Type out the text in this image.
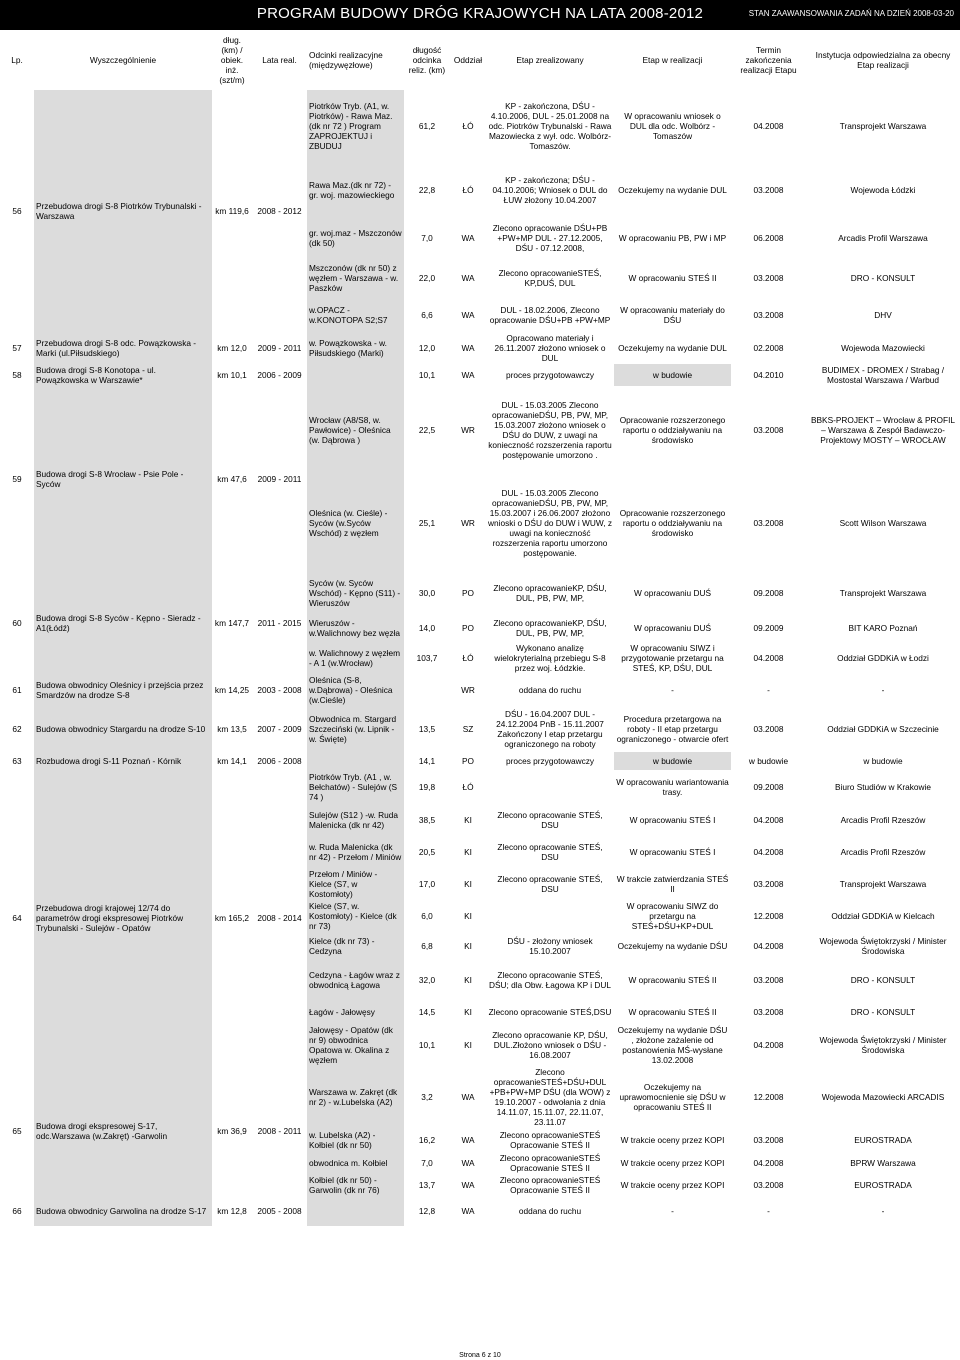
PROGRAM BUDOWY DRÓG KRAJOWYCH NA LATA 2008-2012	STAN ZAAWANSOWANIA ZADAŃ NA DZIEŃ 2008-03-20
Lp.	Wyszczególnienie	dług. (km) / obiek. inż. (szt/m)	Lata real.	Odcinki realizacyjne (międzywęzłowe)	długość odcinka reliz. (km)	Oddział	Etap zrealizowany	Etap w realizacji	Termin zakończenia realizacji Etapu	Instytucja odpowiedzialna za obecny Etap realizacji
56	Przebudowa drogi S-8 Piotrków Trybunalski - Warszawa	km 119,6	2008 - 2012	Piotrków Tryb. (A1, w. Piotrków) - Rawa Maz. (dk nr 72 ) Program ZAPROJEKTUJ i ZBUDUJ	61,2	ŁÓ	KP - zakończona, DŚU - 4.10.2006, DUL - 25.01.2008 na odc. Piotrków Trybunalski - Rawa Mazowiecka z wył. odc. Wolbórz-Tomaszów.	W opracowaniu wniosek o DUL dla odc. Wolbórz - Tomaszów	04.2008	Transprojekt Warszawa
				Rawa Maz.(dk nr 72) - gr. woj. mazowieckiego	22,8	ŁÓ	KP - zakończona; DŚU - 04.10.2006; Wniosek o DUL do ŁUW złożony 10.04.2007	Oczekujemy na wydanie DUL	03.2008	Wojewoda Łódzki
				gr. woj.maz - Mszczonów (dk 50)	7,0	WA	Zlecono opracowanie DŚU+PB +PW+MP DUL - 27.12.2005, DŚU - 07.12.2008,	W opracowaniu PB, PW i MP	06.2008	Arcadis Profil Warszawa
				Mszczonów (dk nr 50) z węzłem - Warszawa - w. Paszków	22,0	WA	Zlecono opracowanieSTEŚ, KP,DUŚ, DUL	W opracowaniu STEŚ II	03.2008	DRO - KONSULT
				w.OPACZ - w.KONOTOPA S2;S7	6,6	WA	DUL - 18.02.2006, Zlecono opracowanie DŚU+PB +PW+MP	W opracowaniu materiały do DŚU	03.2008	DHV
57	Przebudowa drogi S-8 odc. Powązkowska - Marki (ul.Piłsudskiego)	km 12,0	2009 - 2011	w. Powązkowska - w. Piłsudskiego (Marki)	12,0	WA	Opracowano materiały i 26.11.2007 złożono wniosek o DUL	Oczekujemy na wydanie DUL	02.2008	Wojewoda Mazowiecki
58	Budowa drogi S-8 Konotopa - ul. Powązkowska w Warszawie*	km 10,1	2006 - 2009		10,1	WA	proces przygotowawczy	w budowie	04.2010	BUDIMEX - DROMEX / Strabag / Mostostal Warszawa / Warbud
59	Budowa drogi S-8 Wrocław - Psie Pole - Syców	km 47,6	2009 - 2011	Wrocław (A8/S8, w. Pawłowice) - Oleśnica (w. Dąbrowa )	22,5	WR	DUL - 15.03.2005 Zlecono opracowanieDŚU, PB, PW, MP, 15.03.2007 złożono wniosek o DŚU do DUW, z uwagi na konieczność rozszerzenia raportu postępowanie umorzono .	Opracowanie rozszerzonego raportu o oddziaływaniu na środowisko	03.2008	BBKS-PROJEKT – Wrocław & PROFIL – Warszawa & Zespół Badawczo- Projektowy MOSTY – WROCŁAW
				Oleśnica (w. Cieśle) - Syców (w.Syców Wschód) z węzłem	25,1	WR	DUL - 15.03.2005 Zlecono opracowanieDŚU, PB, PW, MP, 15.03.2007 i 26.06.2007 złożono wnioski o DŚU do DUW i WUW, z uwagi na konieczność rozszerzenia raportu umorzono postępowanie.	Opracowanie rozszerzonego raportu o oddziaływaniu na środowisko	03.2008	Scott Wilson Warszawa
60	Budowa drogi S-8 Syców - Kępno - Sieradz - A1(Łódź)	km 147,7	2011 - 2015	Syców (w. Syców Wschód) - Kępno (S11) -Wieruszów	30,0	PO	Zlecono opracowanieKP, DŚU, DUL, PB, PW, MP,	W opracowaniu DUŚ	09.2008	Transprojekt Warszawa
				Wieruszów - w.Walichnowy bez węzła	14,0	PO	Zlecono opracowanieKP, DŚU, DUL, PB, PW, MP,	W opracowaniu DUŚ	09.2009	BIT KARO Poznań
				w. Walichnowy z węzłem - A 1 (w.Wrocław)	103,7	ŁÓ	Wykonano analizę wielokryterialną przebiegu S-8 przez woj. Łódzkie.	W opracowaniu SIWZ i przygotowanie przetargu na STEŚ, KP, DŚU, DUL	04.2008	Oddział GDDKiA w Łodzi
61	Budowa obwodnicy Oleśnicy i przejścia przez Smardzów na drodze S-8	km 14,25	2003 - 2008	Oleśnica (S-8, w.Dąbrowa) - Oleśnica (w.Cieśle)		WR	oddana do ruchu	-	-	-
62	Budowa obwodnicy Stargardu na drodze S-10	km 13,5	2007 - 2009	Obwodnica m. Stargard Szczeciński (w. Lipnik - w. Święte)	13,5	SZ	DŚU - 16.04.2007 DUL - 24.12.2004 PnB - 15.11.2007 Zakończony I etap przetargu ograniczonego na roboty	Procedura przetargowa na roboty - II etap przetargu ograniczonego - otwarcie ofert	03.2008	Oddział GDDKiA w Szczecinie
63	Rozbudowa drogi S-11 Poznań - Kórnik	km 14,1	2006 - 2008		14,1	PO	proces przygotowawczy	w budowie	w budowie	w budowie
64	Przebudowa drogi krajowej 12/74 do parametrów drogi ekspresowej Piotrków Trybunalski - Sulejów - Opatów	km 165,2	2008 - 2014	Piotrków Tryb. (A1 , w. Bełchatów) - Sulejów (S 74 )	19,8	ŁÓ		W opracowaniu wariantowania trasy.	09.2008	Biuro Studiów w Krakowie
				Sulejów (S12 ) -w. Ruda Malenicka (dk nr 42)	38,5	KI	Zlecono opracowanie STEŚ, DSU	W opracowaniu STEŚ I	04.2008	Arcadis Profil Rzeszów
				w. Ruda Malenicka (dk nr 42) - Przełom / Miniów	20,5	KI	Zlecono opracowanie STEŚ, DSU	W opracowaniu STEŚ I	04.2008	Arcadis Profil Rzeszów
				Przełom / Miniów - Kielce (S7, w Kostomłoty)	17,0	KI	Zlecono opracowanie STEŚ, DSU	W trakcie zatwierdzania STEŚ II	03.2008	Transprojekt Warszawa
				Kielce (S7, w. Kostomłoty) - Kielce (dk nr 73)	6,0	KI		W opracowaniu SIWZ do przetargu na STEŚ+DŚU+KP+DUL	12.2008	Oddział GDDKiA w Kielcach
				Kielce (dk nr 73) - Cedzyna	6,8	KI	DŚU - złożony wniosek 15.10.2007	Oczekujemy na wydanie DŚU	04.2008	Wojewoda Świętokrzyski / Minister Środowiska
				Cedzyna - Łagów wraz z obwodnicą Łagowa	32,0	KI	Zlecono opracowanie STEŚ, DŚU; dla Obw. Łagowa KP i DUL	W opracowaniu STEŚ II	03.2008	DRO - KONSULT
				Łagów - Jałowęsy	14,5	KI	Zlecono opracowanie STEŚ,DSU	W opracowaniu STEŚ II	03.2008	DRO - KONSULT
				Jałowęsy - Opatów (dk nr 9) obwodnica Opatowa w. Okalina z węzłem	10,1	KI	Zlecono opracowanie KP, DŚU, DUL.Złożono wniosek o DŚU - 16.08.2007	Oczekujemy na wydanie DŚU , złożone zażalenie od postanowienia MŚ-wysłane 13.02.2008	04.2008	Wojewoda Świętokrzyski / Minister Środowiska
65	Budowa drogi ekspresowej S-17, odc.Warszawa (w.Zakręt) -Garwolin	km 36,9	2008 - 2011	Warszawa w. Zakręt (dk nr 2) - w.Lubelska (A2)	3,2	WA	Zlecono opracowanieSTEŚ+DŚU+DUL +PB+PW+MP DŚU (dla WOW) z 19.10.2007 - odwołania z dnia 14.11.07, 15.11.07, 22.11.07, 23.11.07	Oczekujemy na uprawomocnienie się DŚU w opracowaniu STEŚ II	12.2008	Wojewoda Mazowiecki ARCADIS
				w. Lubelska (A2) - Kołbiel (dk nr 50)	16,2	WA	Zlecono opracowanieSTEŚ Opracowanie STEŚ II	W trakcie oceny przez KOPI	03.2008	EUROSTRADA
				obwodnica m. Kołbiel	7,0	WA	Zlecono opracowanieSTEŚ Opracowanie STEŚ II	W trakcie oceny przez KOPI	04.2008	BPRW Warszawa
				Kołbiel (dk nr 50) - Garwolin (dk nr 76)	13,7	WA	Zlecono opracowanieSTEŚ Opracowanie STEŚ II	W trakcie oceny przez KOPI	03.2008	EUROSTRADA
66	Budowa obwodnicy Garwolina na drodze S-17	km 12,8	2005 - 2008		12,8	WA	oddana do ruchu	-	-	-
Strona 6 z 10
